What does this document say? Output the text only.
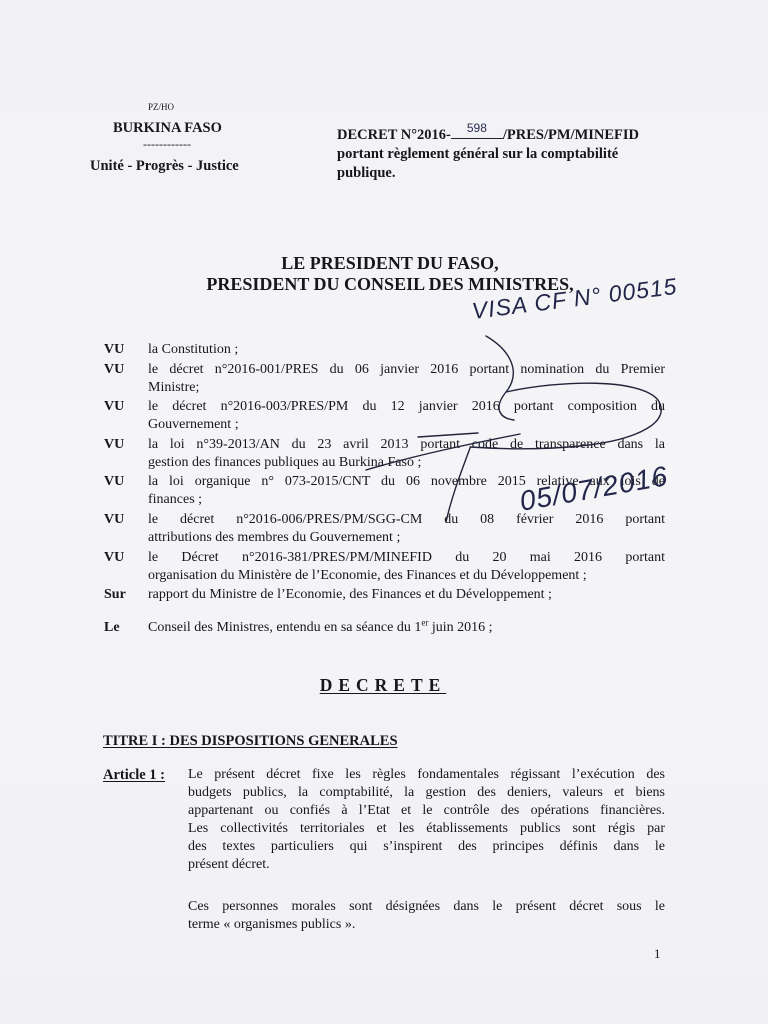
PZ/HO
BURKINA FASO
------------
Unité - Progrès - Justice
DECRET N°2016-	598	/PRES/PM/MINEFID
portant règlement général sur la comptabilité
publique.
LE PRESIDENT DU FASO,
PRESIDENT DU CONSEIL DES MINISTRES,
VISA CF N° 00515
VU	la Constitution ;
VU	le décret n°2016-001/PRES du 06 janvier 2016 portant nomination du Premier
Ministre;
VU	le décret n°2016-003/PRES/PM du 12 janvier 2016 portant composition du
Gouvernement ;
VU	la loi n°39-2013/AN du 23 avril 2013 portant code de transparence dans la
gestion des finances publiques au Burkina Faso ;
VU	la loi organique n° 073-2015/CNT du 06 novembre 2015 relative aux lois de
finances ;
VU	le décret n°2016-006/PRES/PM/SGG-CM du 08 février 2016 portant
attributions des membres du Gouvernement ;
VU	le Décret n°2016-381/PRES/PM/MINEFID du 20 mai 2016 portant
organisation du Ministère de l’Economie, des Finances et du Développement ;
Sur	rapport du Ministre de l’Economie, des Finances et du Développement ;
05/07/2016
Le	Conseil des Ministres, entendu en sa séance du 1er juin 2016 ;
DECRETE
TITRE I : DES DISPOSITIONS GENERALES
Article 1 : Le présent décret fixe les règles fondamentales régissant l’exécution des
budgets publics, la comptabilité, la gestion des deniers, valeurs et biens
appartenant ou confiés à l’Etat et le contrôle des opérations financières.
Les collectivités territoriales et les établissements publics sont régis par
des textes particuliers qui s’inspirent des principes définis dans le
présent décret.
Ces personnes morales sont désignées dans le présent décret sous le
terme « organismes publics ».
1
